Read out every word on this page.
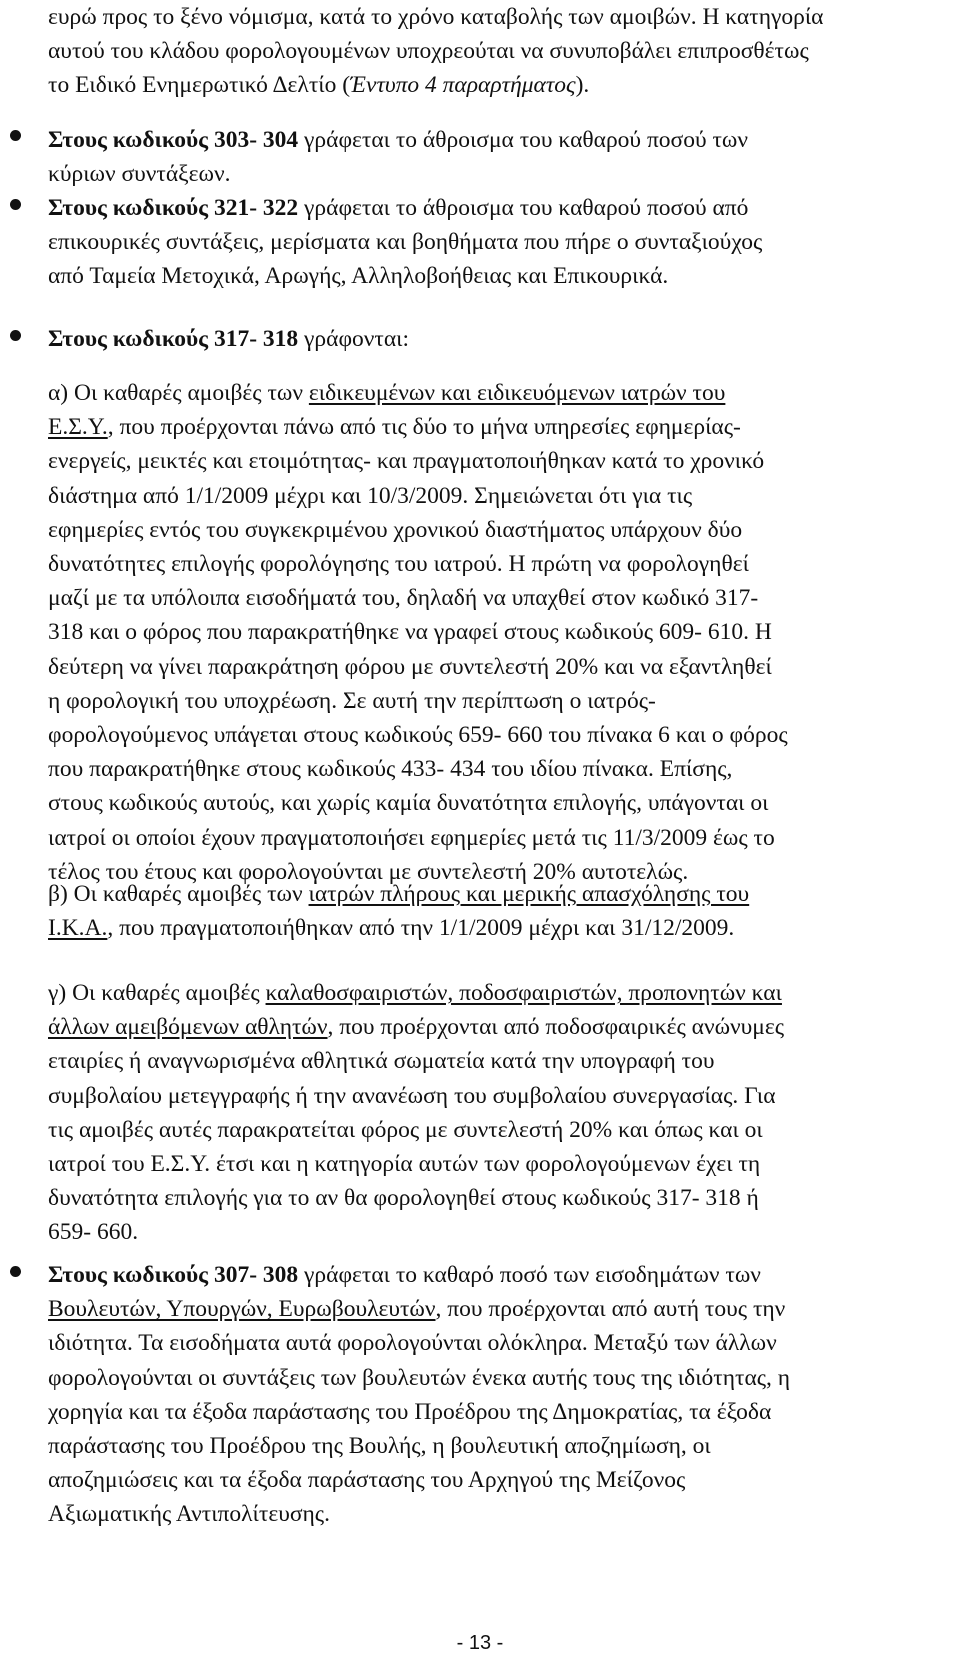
ευρώ προς το ξένο νόμισμα, κατά το χρόνο καταβολής των αμοιβών. Η κατηγορία
αυτού του κλάδου φορολογουμένων υποχρεούται να συνυποβάλει επιπροσθέτως
το Ειδικό Ενημερωτικό Δελτίο (Έντυπο 4 παραρτήματος).
Στους κωδικούς 303- 304 γράφεται το άθροισμα του καθαρού ποσού των
κύριων συντάξεων.
Στους κωδικούς 321- 322 γράφεται το άθροισμα του καθαρού ποσού από
επικουρικές συντάξεις, μερίσματα και βοηθήματα που πήρε ο συνταξιούχος
από Ταμεία Μετοχικά, Αρωγής, Αλληλοβοήθειας και Επικουρικά.
Στους κωδικούς 317- 318 γράφονται:
α) Οι καθαρές αμοιβές των ειδικευμένων και ειδικευόμενων ιατρών του
Ε.Σ.Υ., που προέρχονται πάνω από τις δύο το μήνα υπηρεσίες εφημερίας-
ενεργείς, μεικτές και ετοιμότητας- και πραγματοποιήθηκαν κατά το χρονικό
διάστημα από 1/1/2009 μέχρι και 10/3/2009. Σημειώνεται ότι για τις
εφημερίες εντός του συγκεκριμένου χρονικού διαστήματος υπάρχουν δύο
δυνατότητες επιλογής φορολόγησης του ιατρού. Η πρώτη να φορολογηθεί
μαζί με τα υπόλοιπα εισοδήματά του, δηλαδή να υπαχθεί στον κωδικό 317-
318 και ο φόρος που παρακρατήθηκε να γραφεί στους κωδικούς 609- 610. Η
δεύτερη να γίνει παρακράτηση φόρου με συντελεστή 20% και να εξαντληθεί
η φορολογική του υποχρέωση. Σε αυτή την περίπτωση ο ιατρός-
φορολογούμενος υπάγεται στους κωδικούς 659- 660 του πίνακα 6 και ο φόρος
που παρακρατήθηκε στους κωδικούς 433- 434 του ιδίου πίνακα. Επίσης,
στους κωδικούς αυτούς, και χωρίς καμία δυνατότητα επιλογής, υπάγονται οι
ιατροί οι οποίοι έχουν πραγματοποιήσει εφημερίες μετά τις 11/3/2009 έως το
τέλος του έτους και φορολογούνται με συντελεστή 20% αυτοτελώς.
β) Οι καθαρές αμοιβές των ιατρών πλήρους και μερικής απασχόλησης του
Ι.Κ.Α., που πραγματοποιήθηκαν από την 1/1/2009 μέχρι και 31/12/2009.
γ) Οι καθαρές αμοιβές καλαθοσφαιριστών, ποδοσφαιριστών, προπονητών και
άλλων αμειβόμενων αθλητών, που προέρχονται από ποδοσφαιρικές ανώνυμες
εταιρίες ή αναγνωρισμένα αθλητικά σωματεία κατά την υπογραφή του
συμβολαίου μετεγγραφής ή την ανανέωση του συμβολαίου συνεργασίας. Για
τις αμοιβές αυτές παρακρατείται φόρος με συντελεστή 20% και όπως και οι
ιατροί του Ε.Σ.Υ. έτσι και η κατηγορία αυτών των φορολογούμενων έχει τη
δυνατότητα επιλογής για το αν θα φορολογηθεί στους κωδικούς 317- 318 ή
659- 660.
Στους κωδικούς 307- 308 γράφεται το καθαρό ποσό των εισοδημάτων των
Βουλευτών, Υπουργών, Ευρωβουλευτών, που προέρχονται από αυτή τους την
ιδιότητα. Τα εισοδήματα αυτά φορολογούνται ολόκληρα. Μεταξύ των άλλων
φορολογούνται οι συντάξεις των βουλευτών ένεκα αυτής τους της ιδιότητας, η
χορηγία και τα έξοδα παράστασης του Προέδρου της Δημοκρατίας, τα έξοδα
παράστασης του Προέδρου της Βουλής, η βουλευτική αποζημίωση, οι
αποζημιώσεις και τα έξοδα παράστασης του Αρχηγού της Μείζονος
Αξιωματικής Αντιπολίτευσης.
- 13 -
